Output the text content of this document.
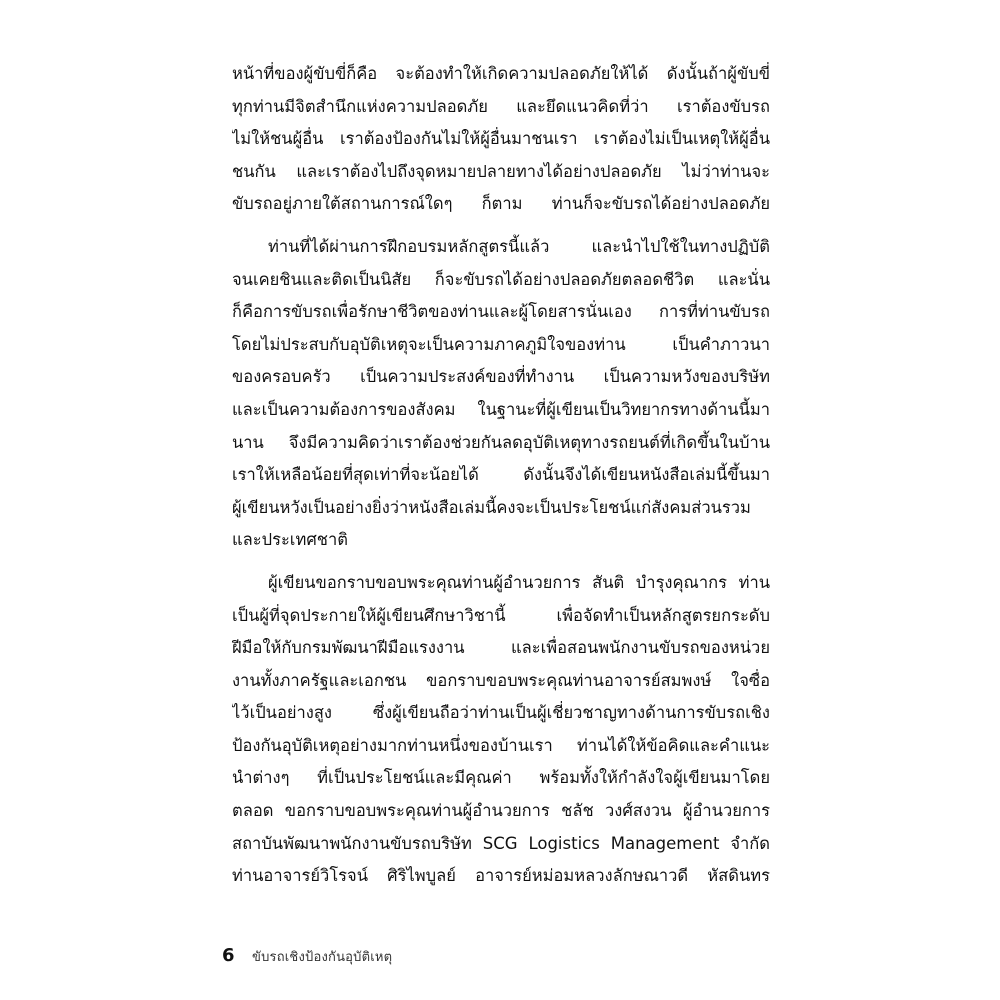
หน้าที่ของผู้ขับขี่ก็คือ จะต้องทำให้เกิดความปลอดภัยให้ได้ ดังนั้นถ้าผู้ขับขี่
ทุกท่านมีจิตสำนึกแห่งความปลอดภัย และยึดแนวคิดที่ว่า เราต้องขับรถ
ไม่ให้ชนผู้อื่น เราต้องป้องกันไม่ให้ผู้อื่นมาชนเรา เราต้องไม่เป็นเหตุให้ผู้อื่น
ชนกัน และเราต้องไปถึงจุดหมายปลายทางได้อย่างปลอดภัย ไม่ว่าท่านจะ
ขับรถอยู่ภายใต้สถานการณ์ใดๆ ก็ตาม ท่านก็จะขับรถได้อย่างปลอดภัย
ท่านที่ได้ผ่านการฝึกอบรมหลักสูตรนี้แล้ว และนำไปใช้ในทางปฏิบัติ
จนเคยชินและติดเป็นนิสัย ก็จะขับรถได้อย่างปลอดภัยตลอดชีวิต และนั่น
ก็คือการขับรถเพื่อรักษาชีวิตของท่านและผู้โดยสารนั่นเอง การที่ท่านขับรถ
โดยไม่ประสบกับอุบัติเหตุจะเป็นความภาคภูมิใจของท่าน เป็นคำภาวนา
ของครอบครัว เป็นความประสงค์ของที่ทำงาน เป็นความหวังของบริษัท
และเป็นความต้องการของสังคม ในฐานะที่ผู้เขียนเป็นวิทยากรทางด้านนี้มา
นาน จึงมีความคิดว่าเราต้องช่วยกันลดอุบัติเหตุทางรถยนต์ที่เกิดขึ้นในบ้าน
เราให้เหลือน้อยที่สุดเท่าที่จะน้อยได้ ดังนั้นจึงได้เขียนหนังสือเล่มนี้ขึ้นมา
ผู้เขียนหวังเป็นอย่างยิ่งว่าหนังสือเล่มนี้คงจะเป็นประโยชน์แก่สังคมส่วนรวม
และประเทศชาติ
ผู้เขียนขอกราบขอบพระคุณท่านผู้อำนวยการ สันติ บำรุงคุณากร ท่าน
เป็นผู้ที่จุดประกายให้ผู้เขียนศึกษาวิชานี้ เพื่อจัดทำเป็นหลักสูตรยกระดับ
ฝีมือให้กับกรมพัฒนาฝีมือแรงงาน และเพื่อสอนพนักงานขับรถของหน่วย
งานทั้งภาครัฐและเอกชน ขอกราบขอบพระคุณท่านอาจารย์สมพงษ์ ใจซื่อ
ไว้เป็นอย่างสูง ซึ่งผู้เขียนถือว่าท่านเป็นผู้เชี่ยวชาญทางด้านการขับรถเชิง
ป้องกันอุบัติเหตุอย่างมากท่านหนึ่งของบ้านเรา ท่านได้ให้ข้อคิดและคำแนะ
นำต่างๆ ที่เป็นประโยชน์และมีคุณค่า พร้อมทั้งให้กำลังใจผู้เขียนมาโดย
ตลอด ขอกราบขอบพระคุณท่านผู้อำนวยการ ชลัช วงศ์สงวน ผู้อำนวยการ
สถาบันพัฒนาพนักงานขับรถบริษัท SCG Logistics Management จำกัด
ท่านอาจารย์วิโรจน์ ศิริไพบูลย์ อาจารย์หม่อมหลวงลักษณาวดี หัสดินทร
6	ขับรถเชิงป้องกันอุบัติเหตุ
